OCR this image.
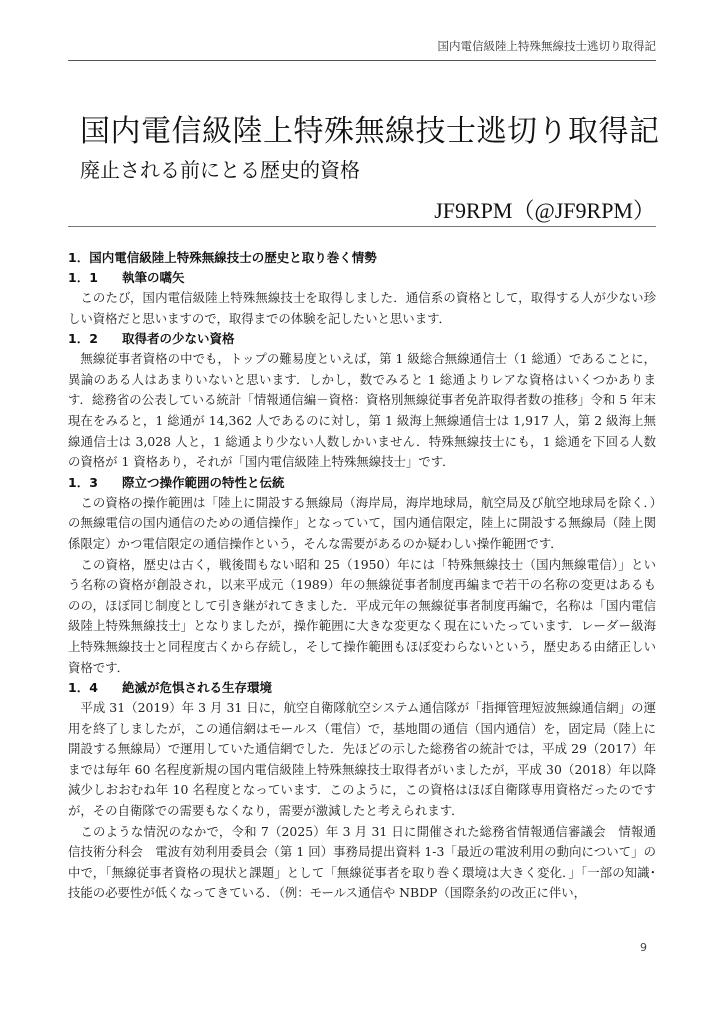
国内電信級陸上特殊無線技士逃切り取得記
国内電信級陸上特殊無線技士逃切り取得記
廃止される前にとる歴史的資格
JF9RPM（@JF9RPM）
1．国内電信級陸上特殊無線技士の歴史と取り巻く情勢
1．1 執筆の嚆矢

このたび，国内電信級陸上特殊無線技士を取得しました．通信系の資格として，取得する人が少ない珍しい資格だと思いますので，取得までの体験を記したいと思います．

1．2 取得者の少ない資格

無線従事者資格の中でも，トップの難易度といえば，第 1 級総合無線通信士（1 総通）であることに，異論のある人はあまりいないと思います．しかし，数でみると 1 総通よりレアな資格はいくつかあります．総務省の公表している統計「情報通信編－資格：資格別無線従事者免許取得者数の推移」令和 5 年末現在をみると，1 総通が 14,362 人であるのに対し，第 1 級海上無線通信士は 1,917 人，第 2 級海上無線通信士は 3,028 人と，1 総通より少ない人数しかいません．特殊無線技士にも，1 総通を下回る人数の資格が 1 資格あり，それが「国内電信級陸上特殊無線技士」です．

1．3 際立つ操作範囲の特性と伝統

この資格の操作範囲は「陸上に開設する無線局（海岸局，海岸地球局，航空局及び航空地球局を除く．）の無線電信の国内通信のための通信操作」となっていて，国内通信限定，陸上に開設する無線局（陸上関係限定）かつ電信限定の通信操作という，そんな需要があるのか疑わしい操作範囲です．

この資格，歴史は古く，戦後間もない昭和 25（1950）年には「特殊無線技士（国内無線電信）」という名称の資格が創設され，以来平成元（1989）年の無線従事者制度再編まで若干の名称の変更はあるものの，ほぼ同じ制度として引き継がれてきました．平成元年の無線従事者制度再編で，名称は「国内電信級陸上特殊無線技士」となりましたが，操作範囲に大きな変更なく現在にいたっています．レーダー級海上特殊無線技士と同程度古くから存続し，そして操作範囲もほぼ変わらないという，歴史ある由緒正しい資格です．

1．4 絶滅が危惧される生存環境

平成 31（2019）年 3 月 31 日に，航空自衛隊航空システム通信隊が「指揮管理短波無線通信網」の運用を終了しましたが，この通信網はモールス（電信）で，基地間の通信（国内通信）を，固定局（陸上に開設する無線局）で運用していた通信網でした．先ほどの示した総務省の統計では，平成 29（2017）年までは毎年 60 名程度新規の国内電信級陸上特殊無線技士取得者がいましたが，平成 30（2018）年以降減少しおおむね年 10 名程度となっています．このように，この資格はほぼ自衛隊専用資格だったのですが，その自衛隊での需要もなくなり，需要が激減したと考えられます．

このような情況のなかで，令和 7（2025）年 3 月 31 日に開催された総務省情報通信審議会　情報通信技術分科会　電波有効利用委員会（第 1 回）事務局提出資料 1-3「最近の電波利用の動向について」の中で，「無線従事者資格の現状と課題」として「無線従事者を取り巻く環境は大きく変化．」「一部の知識･技能の必要性が低くなってきている．（例：モールス通信や NBDP（国際条約の改正に伴い，

9
